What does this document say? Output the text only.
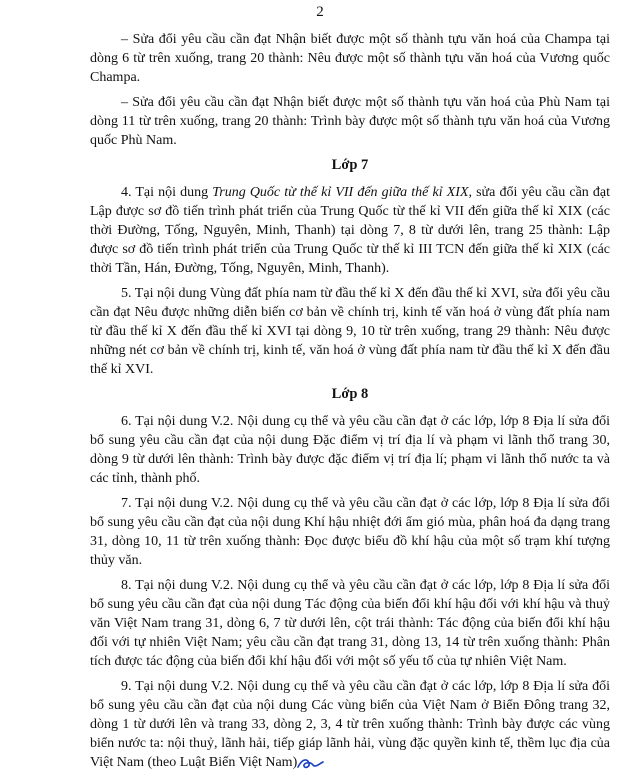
2

– Sửa đổi yêu cầu cần đạt Nhận biết được một số thành tựu văn hoá của Champa tại dòng 6 từ trên xuống, trang 20 thành: Nêu được một số thành tựu văn hoá của Vương quốc Champa.

– Sửa đổi yêu cầu cần đạt Nhận biết được một số thành tựu văn hoá của Phù Nam tại dòng 11 từ trên xuống, trang 20 thành: Trình bày được một số thành tựu văn hoá của Vương quốc Phù Nam.

Lớp 7

4. Tại nội dung Trung Quốc từ thế kỉ VII đến giữa thế kỉ XIX, sửa đổi yêu cầu cần đạt Lập được sơ đồ tiến trình phát triển của Trung Quốc từ thế kỉ VII đến giữa thế kỉ XIX (các thời Đường, Tống, Nguyên, Minh, Thanh) tại dòng 7, 8 từ dưới lên, trang 25 thành: Lập được sơ đồ tiến trình phát triển của Trung Quốc từ thế kỉ III TCN đến giữa thế kỉ XIX (các thời Tần, Hán, Đường, Tống, Nguyên, Minh, Thanh).

5. Tại nội dung Vùng đất phía nam từ đầu thế kỉ X đến đầu thế kỉ XVI, sửa đổi yêu cầu cần đạt Nêu được những diễn biến cơ bản về chính trị, kinh tế văn hoá ở vùng đất phía nam từ đầu thế kỉ X đến đầu thế kỉ XVI tại dòng 9, 10 từ trên xuống, trang 29 thành: Nêu được những nét cơ bản về chính trị, kinh tế, văn hoá ở vùng đất phía nam từ đầu thế kỉ X đến đầu thế kỉ XVI.

Lớp 8

6. Tại nội dung V.2. Nội dung cụ thể và yêu cầu cần đạt ở các lớp, lớp 8 Địa lí sửa đổi bổ sung yêu cầu cần đạt của nội dung Đặc điểm vị trí địa lí và phạm vi lãnh thổ trang 30, dòng 9 từ dưới lên thành: Trình bày được đặc điểm vị trí địa lí; phạm vi lãnh thổ nước ta và các tỉnh, thành phố.

7. Tại nội dung V.2. Nội dung cụ thể và yêu cầu cần đạt ở các lớp, lớp 8 Địa lí sửa đổi bổ sung yêu cầu cần đạt của nội dung Khí hậu nhiệt đới ẩm gió mùa, phân hoá đa dạng trang 31, dòng 10, 11 từ trên xuống thành: Đọc được biểu đồ khí hậu của một số trạm khí tượng thủy văn.

8. Tại nội dung V.2. Nội dung cụ thể và yêu cầu cần đạt ở các lớp, lớp 8 Địa lí sửa đổi bổ sung yêu cầu cần đạt của nội dung Tác động của biến đổi khí hậu đối với khí hậu và thuỷ văn Việt Nam trang 31, dòng 6, 7 từ dưới lên, cột trái thành: Tác động của biến đổi khí hậu đối với tự nhiên Việt Nam; yêu cầu cần đạt trang 31, dòng 13, 14 từ trên xuống thành: Phân tích được tác động của biến đổi khí hậu đối với một số yếu tố của tự nhiên Việt Nam.

9. Tại nội dung V.2. Nội dung cụ thể và yêu cầu cần đạt ở các lớp, lớp 8 Địa lí sửa đổi bổ sung yêu cầu cần đạt của nội dung Các vùng biển của Việt Nam ở Biển Đông trang 32, dòng 1 từ dưới lên và trang 33, dòng 2, 3, 4 từ trên xuống thành: Trình bày được các vùng biển nước ta: nội thuỷ, lãnh hải, tiếp giáp lãnh hải, vùng đặc quyền kinh tế, thềm lục địa của Việt Nam (theo Luật Biển Việt Nam)
